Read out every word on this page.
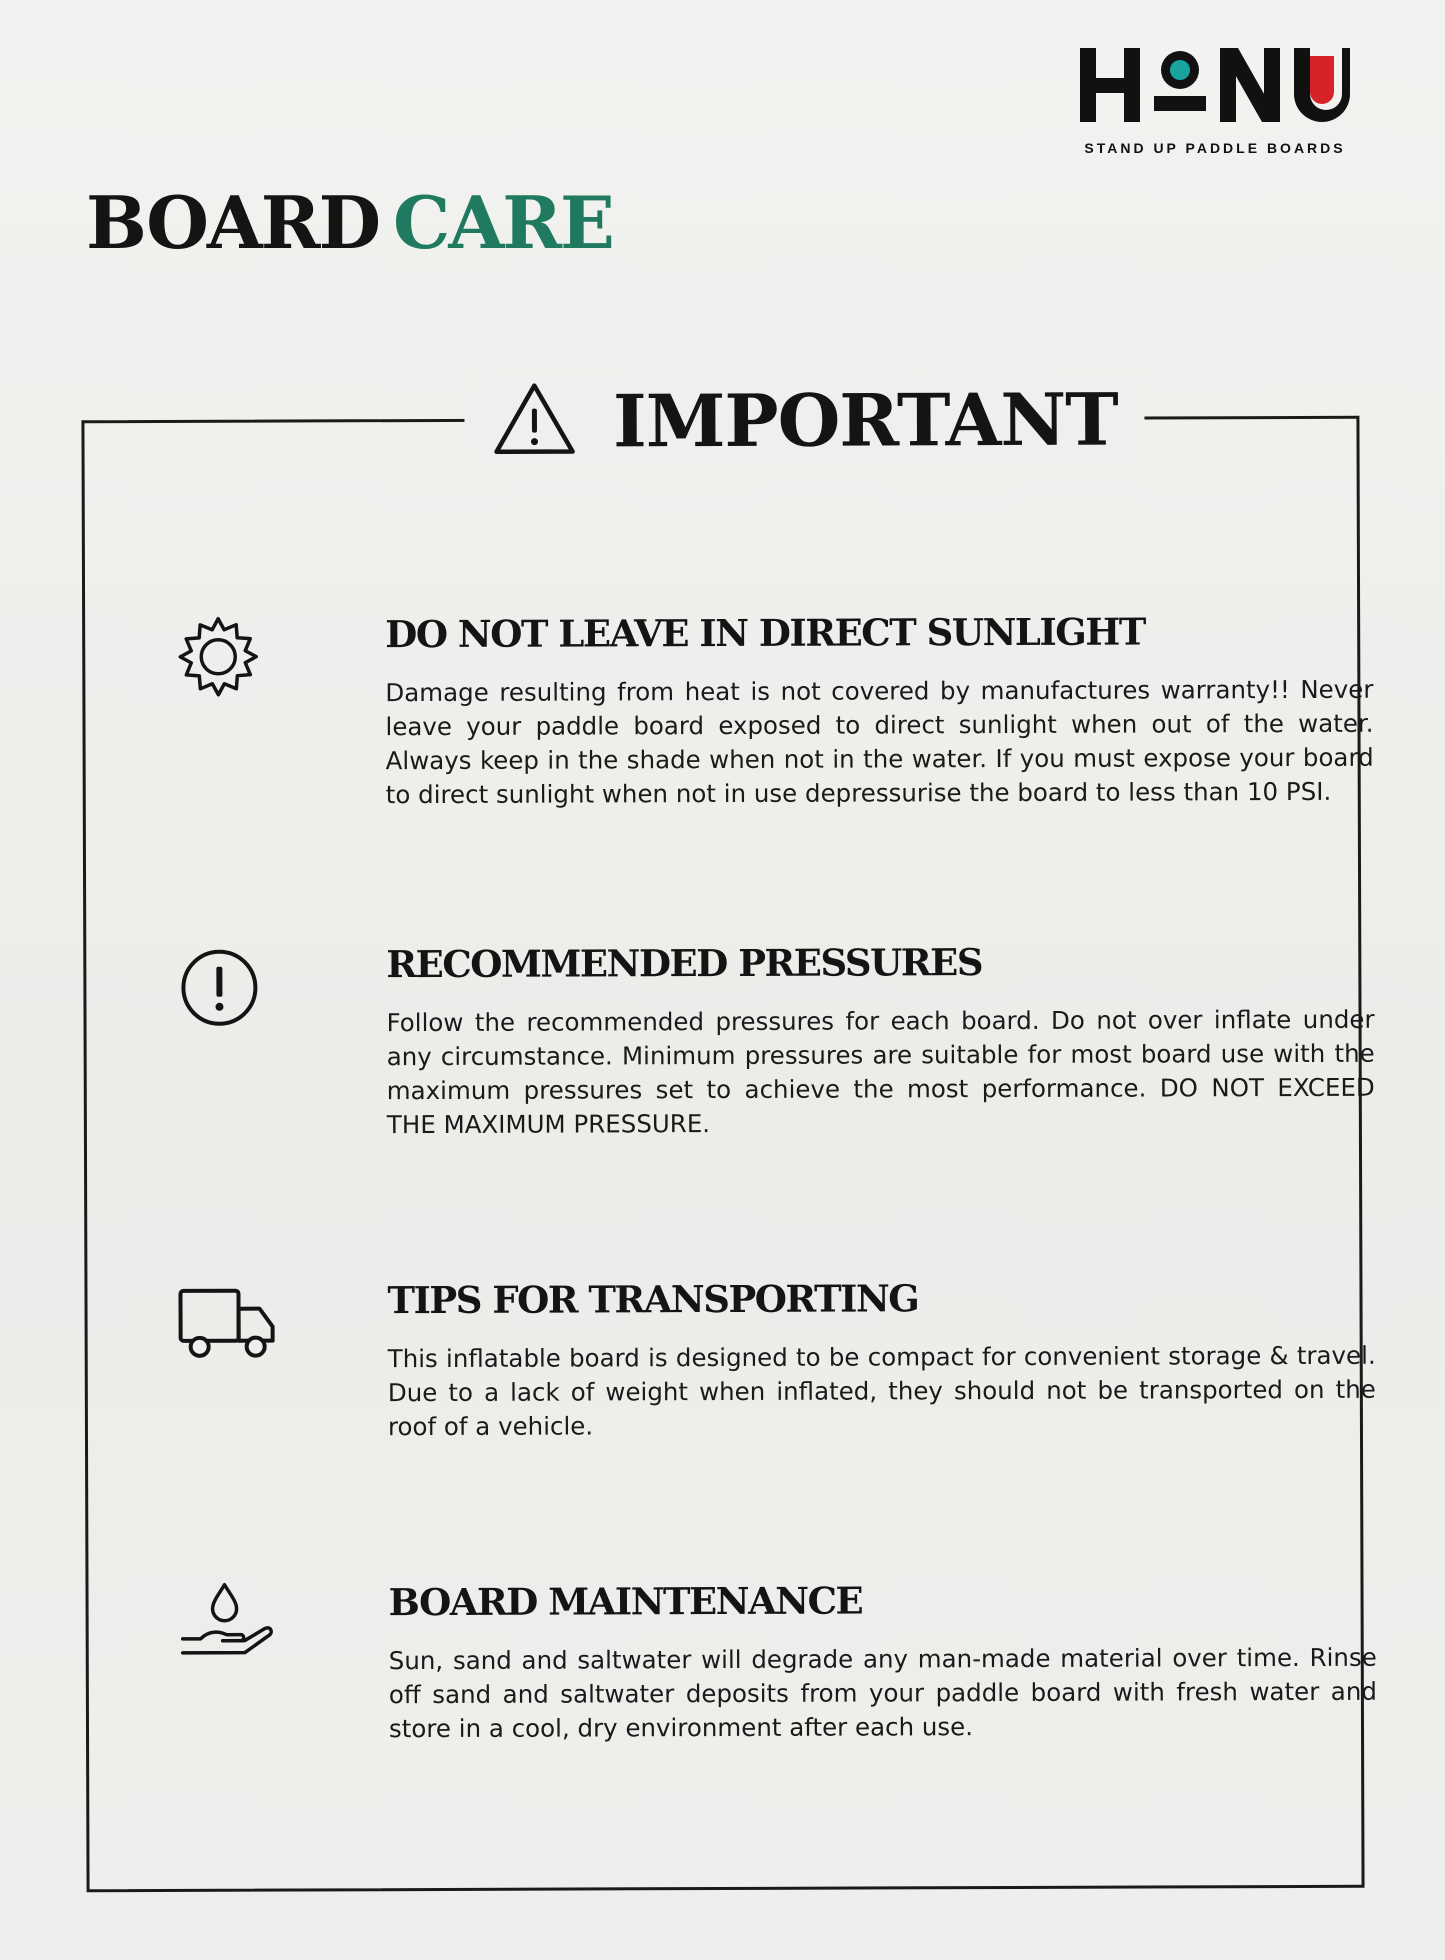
STAND UP PADDLE BOARDS
BOARD CARE
IMPORTANT
DO NOT LEAVE IN DIRECT SUNLIGHT

Damage resulting from heat is not covered by manufactures warranty!! Never leave your paddle board exposed to direct sunlight when out of the water. Always keep in the shade when not in the water. If you must expose your board to direct sunlight when not in use depressurise the board to less than 10 PSI.

RECOMMENDED PRESSURES

Follow the recommended pressures for each board. Do not over inflate under any circumstance. Minimum pressures are suitable for most board use with the maximum pressures set to achieve the most performance. DO NOT EXCEED THE MAXIMUM PRESSURE.

TIPS FOR TRANSPORTING

This inflatable board is designed to be compact for convenient storage & travel. Due to a lack of weight when inflated, they should not be transported on the roof of a vehicle.

BOARD MAINTENANCE

Sun, sand and saltwater will degrade any man-made material over time. Rinse off sand and saltwater deposits from your paddle board with fresh water and store in a cool, dry environment after each use.
